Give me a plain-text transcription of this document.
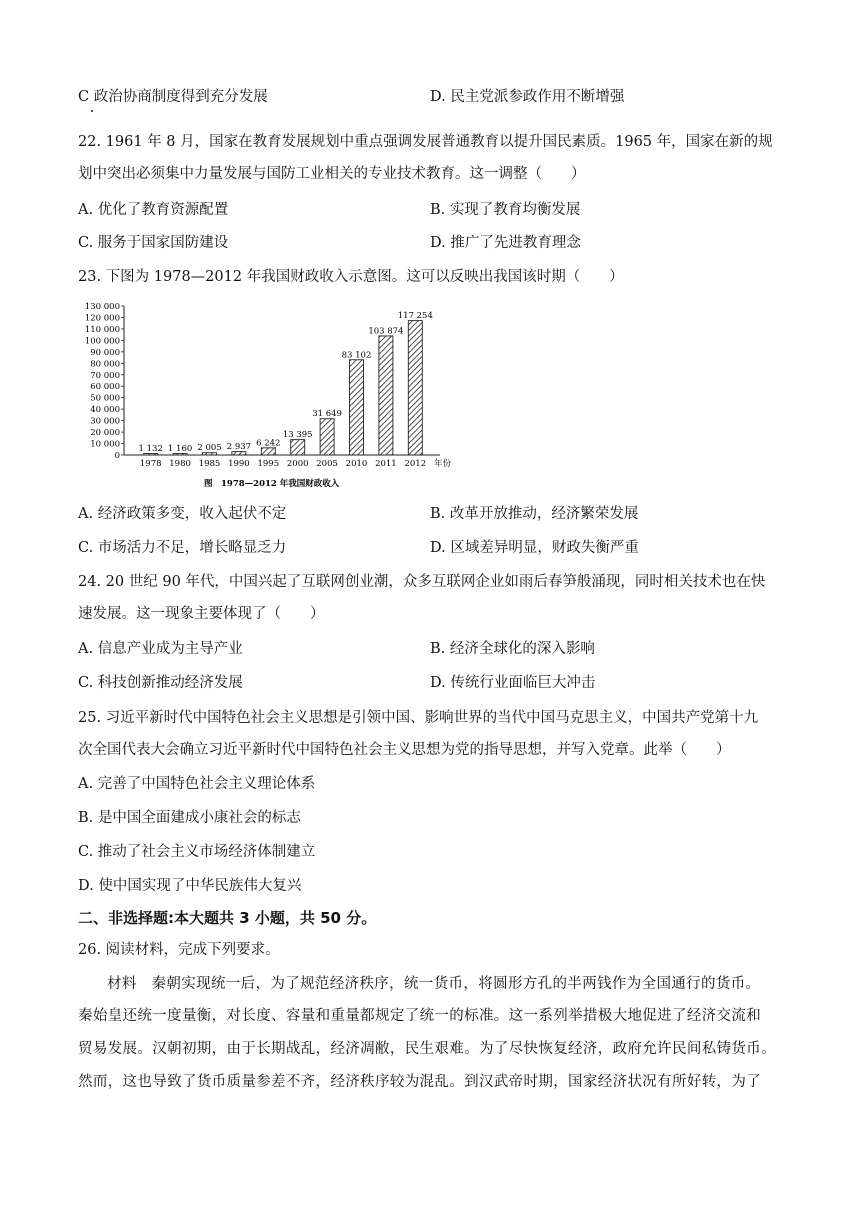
C 政治协商制度得到充分发展	D. 民主党派参政作用不断增强
22. 1961 年 8 月，国家在教育发展规划中重点强调发展普通教育以提升国民素质。1965 年，国家在新的规
划中突出必须集中力量发展与国防工业相关的专业技术教育。这一调整（　　）
A. 优化了教育资源配置	B. 实现了教育均衡发展
C. 服务于国家国防建设	D. 推广了先进教育理念
23. 下图为 1978—2012 年我国财政收入示意图。这可以反映出我国该时期（　　）
0
10 000
20 000
30 000
40 000
50 000
60 000
70 000
80 000
90 000
100 000
110 000
120 000
130 000
1 132 1 160 2 005 2 937 6 242
13 395
31 649
83 102
103 874
117 254
1978 1980 1985 1990 1995 2000 2005 2010 2011 2012 年份
图　1978—2012 年我国财政收入
A. 经济政策多变，收入起伏不定	B. 改革开放推动，经济繁荣发展
C. 市场活力不足，增长略显乏力	D. 区域差异明显，财政失衡严重
24. 20 世纪 90 年代，中国兴起了互联网创业潮，众多互联网企业如雨后春笋般涌现，同时相关技术也在快
速发展。这一现象主要体现了（　　）
A. 信息产业成为主导产业	B. 经济全球化的深入影响
C. 科技创新推动经济发展	D. 传统行业面临巨大冲击
25. 习近平新时代中国特色社会主义思想是引领中国、影响世界的当代中国马克思主义，中国共产党第十九
次全国代表大会确立习近平新时代中国特色社会主义思想为党的指导思想，并写入党章。此举（　　）
A. 完善了中国特色社会主义理论体系
B. 是中国全面建成小康社会的标志
C. 推动了社会主义市场经济体制建立
D. 使中国实现了中华民族伟大复兴
二、非选择题:本大题共 3 小题，共 50 分。
26. 阅读材料，完成下列要求。
材料　秦朝实现统一后，为了规范经济秩序，统一货币，将圆形方孔的半两钱作为全国通行的货币。
秦始皇还统一度量衡，对长度、容量和重量都规定了统一的标准。这一系列举措极大地促进了经济交流和
贸易发展。汉朝初期，由于长期战乱，经济凋敝，民生艰难。为了尽快恢复经济，政府允许民间私铸货币。
然而，这也导致了货币质量参差不齐，经济秩序较为混乱。到汉武帝时期，国家经济状况有所好转，为了
